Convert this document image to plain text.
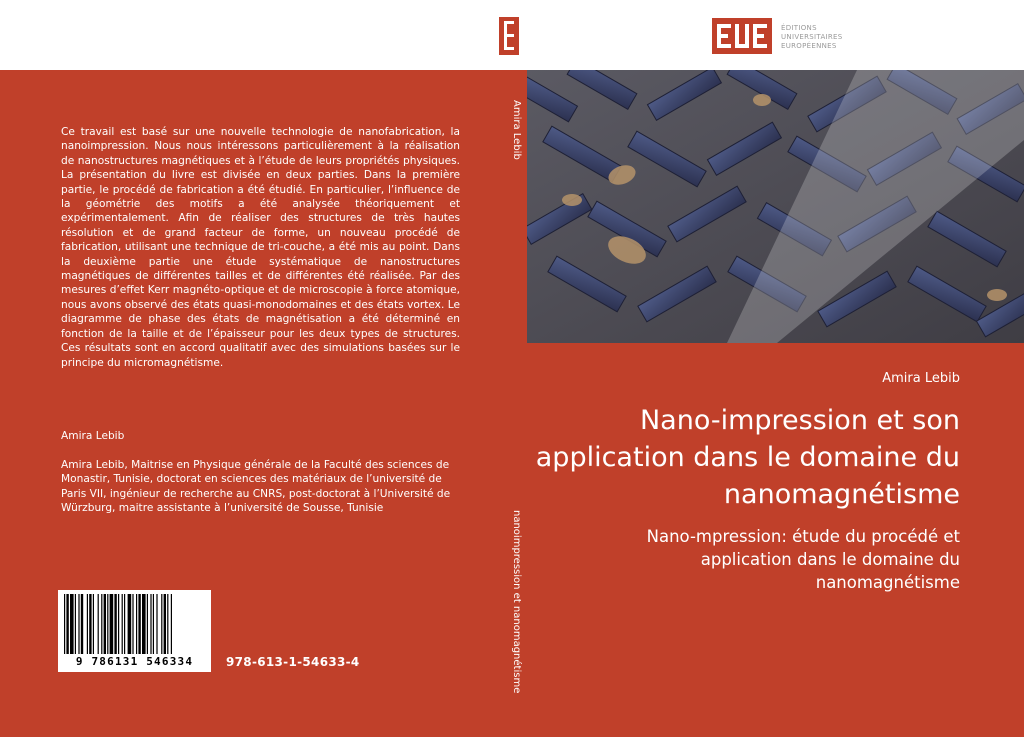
ÉDITIONS
UNIVERSITAIRES
EUROPÉENNES

Ce travail est basé sur une nouvelle technologie de nanofabrication, la nanoimpression. Nous nous intéressons particulièrement à la réalisation de nanostructures magnétiques et à l’étude de leurs propriétés physiques. La présentation du livre est divisée en deux parties. Dans la première partie, le procédé de fabrication a été étudié. En particulier, l’influence de la géométrie des motifs a été analysée théoriquement et expérimentalement. Afin de réaliser des structures de très hautes résolution et de grand facteur de forme, un nouveau procédé de fabrication, utilisant une technique de tri-couche, a été mis au point. Dans la deuxième partie une étude systématique de nanostructures magnétiques de différentes tailles et de différentes été réalisée. Par des mesures d’effet Kerr magnéto-optique et de microscopie à force atomique, nous avons observé des états quasi-monodomaines et des états vortex. Le diagramme de phase des états de magnétisation a été déterminé en fonction de la taille et de l’épaisseur pour les deux types de structures. Ces résultats sont en accord qualitatif avec des simulations basées sur le principe du micromagnétisme.

Amira Lebib

Amira Lebib, Maitrise en Physique générale de la Faculté des sciences de Monastir, Tunisie, doctorat en sciences des matériaux de l’université de Paris VII, ingénieur de recherche au CNRS, post-doctorat à l’Université de Würzburg, maitre assistante à l’université de Sousse, Tunisie

9 786131 546334	978-613-1-54633-4
Amira Lebib
nanoimpression et nanomagnétisme
Amira Lebib
Nano-impression et son application dans le domaine du nanomagnétisme

Nano-mpression: étude du procédé et application dans le domaine du nanomagnétisme
